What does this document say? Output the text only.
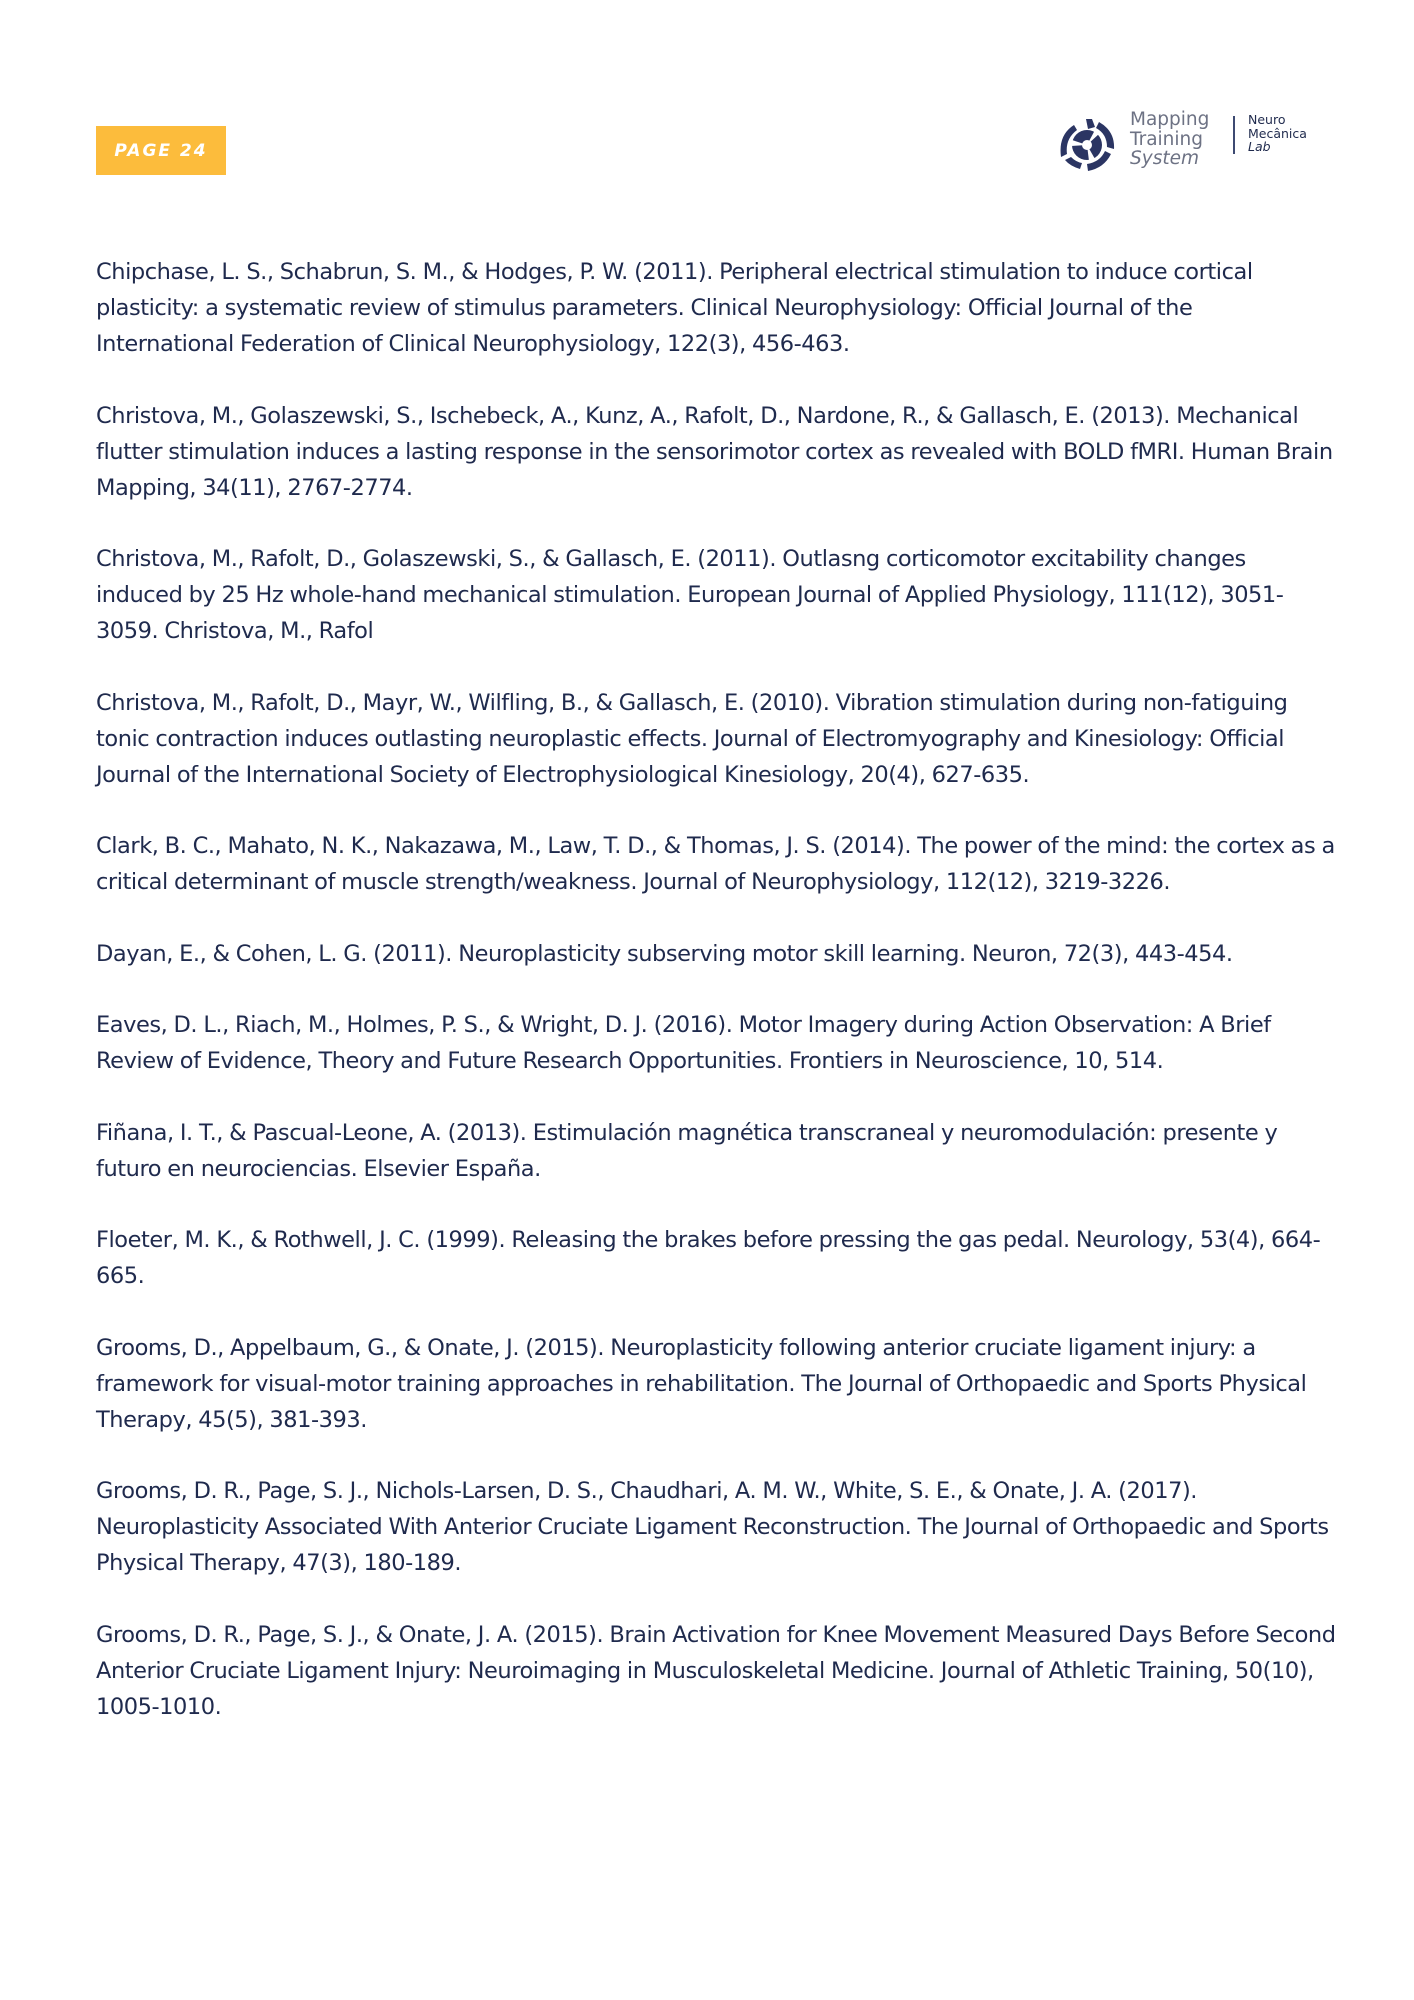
PAGE 24
Mapping
Training
System
Neuro
Mecânica
Lab

Chipchase, L. S., Schabrun, S. M., & Hodges, P. W. (2011). Peripheral electrical stimulation to induce cortical plasticity: a systematic review of stimulus parameters. Clinical Neurophysiology: Official Journal of the International Federation of Clinical Neurophysiology, 122(3), 456-463.

Christova, M., Golaszewski, S., Ischebeck, A., Kunz, A., Rafolt, D., Nardone, R., & Gallasch, E. (2013). Mechanical flutter stimulation induces a lasting response in the sensorimotor cortex as revealed with BOLD fMRI. Human Brain Mapping, 34(11), 2767-2774.

Christova, M., Rafolt, D., Golaszewski, S., & Gallasch, E. (2011). Outlasng corticomotor excitability changes induced by 25 Hz whole-hand mechanical stimulation. European Journal of Applied Physiology, 111(12), 3051-3059. Christova, M., Rafol

Christova, M., Rafolt, D., Mayr, W., Wilfling, B., & Gallasch, E. (2010). Vibration stimulation during non-fatiguing tonic contraction induces outlasting neuroplastic effects. Journal of Electromyography and Kinesiology: Official Journal of the International Society of Electrophysiological Kinesiology, 20(4), 627-635.

Clark, B. C., Mahato, N. K., Nakazawa, M., Law, T. D., & Thomas, J. S. (2014). The power of the mind: the cortex as a critical determinant of muscle strength/weakness. Journal of Neurophysiology, 112(12), 3219-3226.

Dayan, E., & Cohen, L. G. (2011). Neuroplasticity subserving motor skill learning. Neuron, 72(3), 443-454.

Eaves, D. L., Riach, M., Holmes, P. S., & Wright, D. J. (2016). Motor Imagery during Action Observation: A Brief Review of Evidence, Theory and Future Research Opportunities. Frontiers in Neuroscience, 10, 514.

Fiñana, I. T., & Pascual-Leone, A. (2013). Estimulación magnética transcraneal y neuromodulación: presente y futuro en neurociencias. Elsevier España.

Floeter, M. K., & Rothwell, J. C. (1999). Releasing the brakes before pressing the gas pedal. Neurology, 53(4), 664-665.

Grooms, D., Appelbaum, G., & Onate, J. (2015). Neuroplasticity following anterior cruciate ligament injury: a framework for visual-motor training approaches in rehabilitation. The Journal of Orthopaedic and Sports Physical Therapy, 45(5), 381-393.

Grooms, D. R., Page, S. J., Nichols-Larsen, D. S., Chaudhari, A. M. W., White, S. E., & Onate, J. A. (2017). Neuroplasticity Associated With Anterior Cruciate Ligament Reconstruction. The Journal of Orthopaedic and Sports Physical Therapy, 47(3), 180-189.

Grooms, D. R., Page, S. J., & Onate, J. A. (2015). Brain Activation for Knee Movement Measured Days Before Second Anterior Cruciate Ligament Injury: Neuroimaging in Musculoskeletal Medicine. Journal of Athletic Training, 50(10), 1005-1010.
